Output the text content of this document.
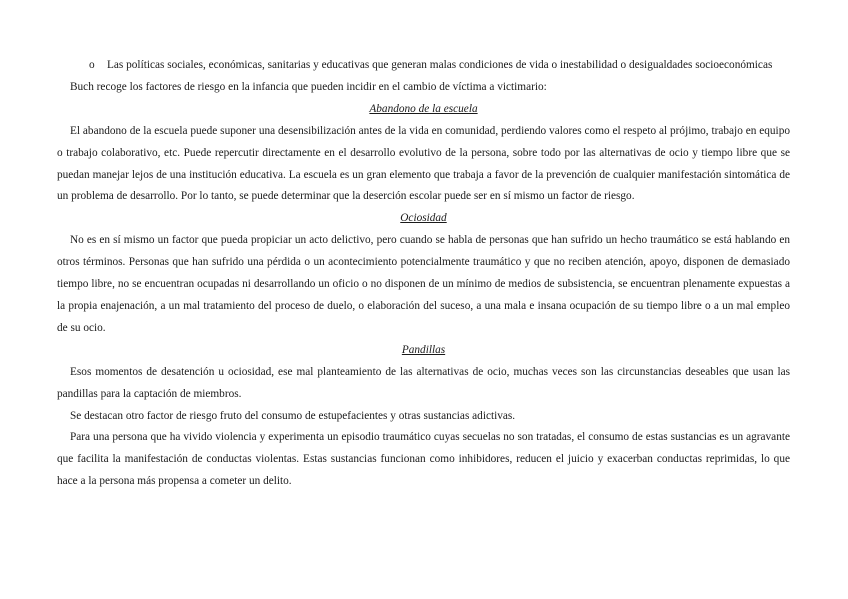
o Las políticas sociales, económicas, sanitarias y educativas que generan malas condiciones de vida o inestabilidad o desigualdades socioeconómicas

Buch recoge los factores de riesgo en la infancia que pueden incidir en el cambio de víctima a victimario:

Abandono de la escuela

El abandono de la escuela puede suponer una desensibilización antes de la vida en comunidad, perdiendo valores como el respeto al prójimo, trabajo en equipo o trabajo colaborativo, etc. Puede repercutir directamente en el desarrollo evolutivo de la persona, sobre todo por las alternativas de ocio y tiempo libre que se puedan manejar lejos de una institución educativa. La escuela es un gran elemento que trabaja a favor de la prevención de cualquier manifestación sintomática de un problema de desarrollo. Por lo tanto, se puede determinar que la deserción escolar puede ser en sí mismo un factor de riesgo.

Ociosidad

No es en sí mismo un factor que pueda propiciar un acto delictivo, pero cuando se habla de personas que han sufrido un hecho traumático se está hablando en otros términos. Personas que han sufrido una pérdida o un acontecimiento potencialmente traumático y que no reciben atención, apoyo, disponen de demasiado tiempo libre, no se encuentran ocupadas ni desarrollando un oficio o no disponen de un mínimo de medios de subsistencia, se encuentran plenamente expuestas a la propia enajenación, a un mal tratamiento del proceso de duelo, o elaboración del suceso, a una mala e insana ocupación de su tiempo libre o a un mal empleo de su ocio.

Pandillas

Esos momentos de desatención u ociosidad, ese mal planteamiento de las alternativas de ocio, muchas veces son las circunstancias deseables que usan las pandillas para la captación de miembros.

Se destacan otro factor de riesgo fruto del consumo de estupefacientes y otras sustancias adictivas.

Para una persona que ha vivido violencia y experimenta un episodio traumático cuyas secuelas no son tratadas, el consumo de estas sustancias es un agravante que facilita la manifestación de conductas violentas. Estas sustancias funcionan como inhibidores, reducen el juicio y exacerban conductas reprimidas, lo que hace a la persona más propensa a cometer un delito.
